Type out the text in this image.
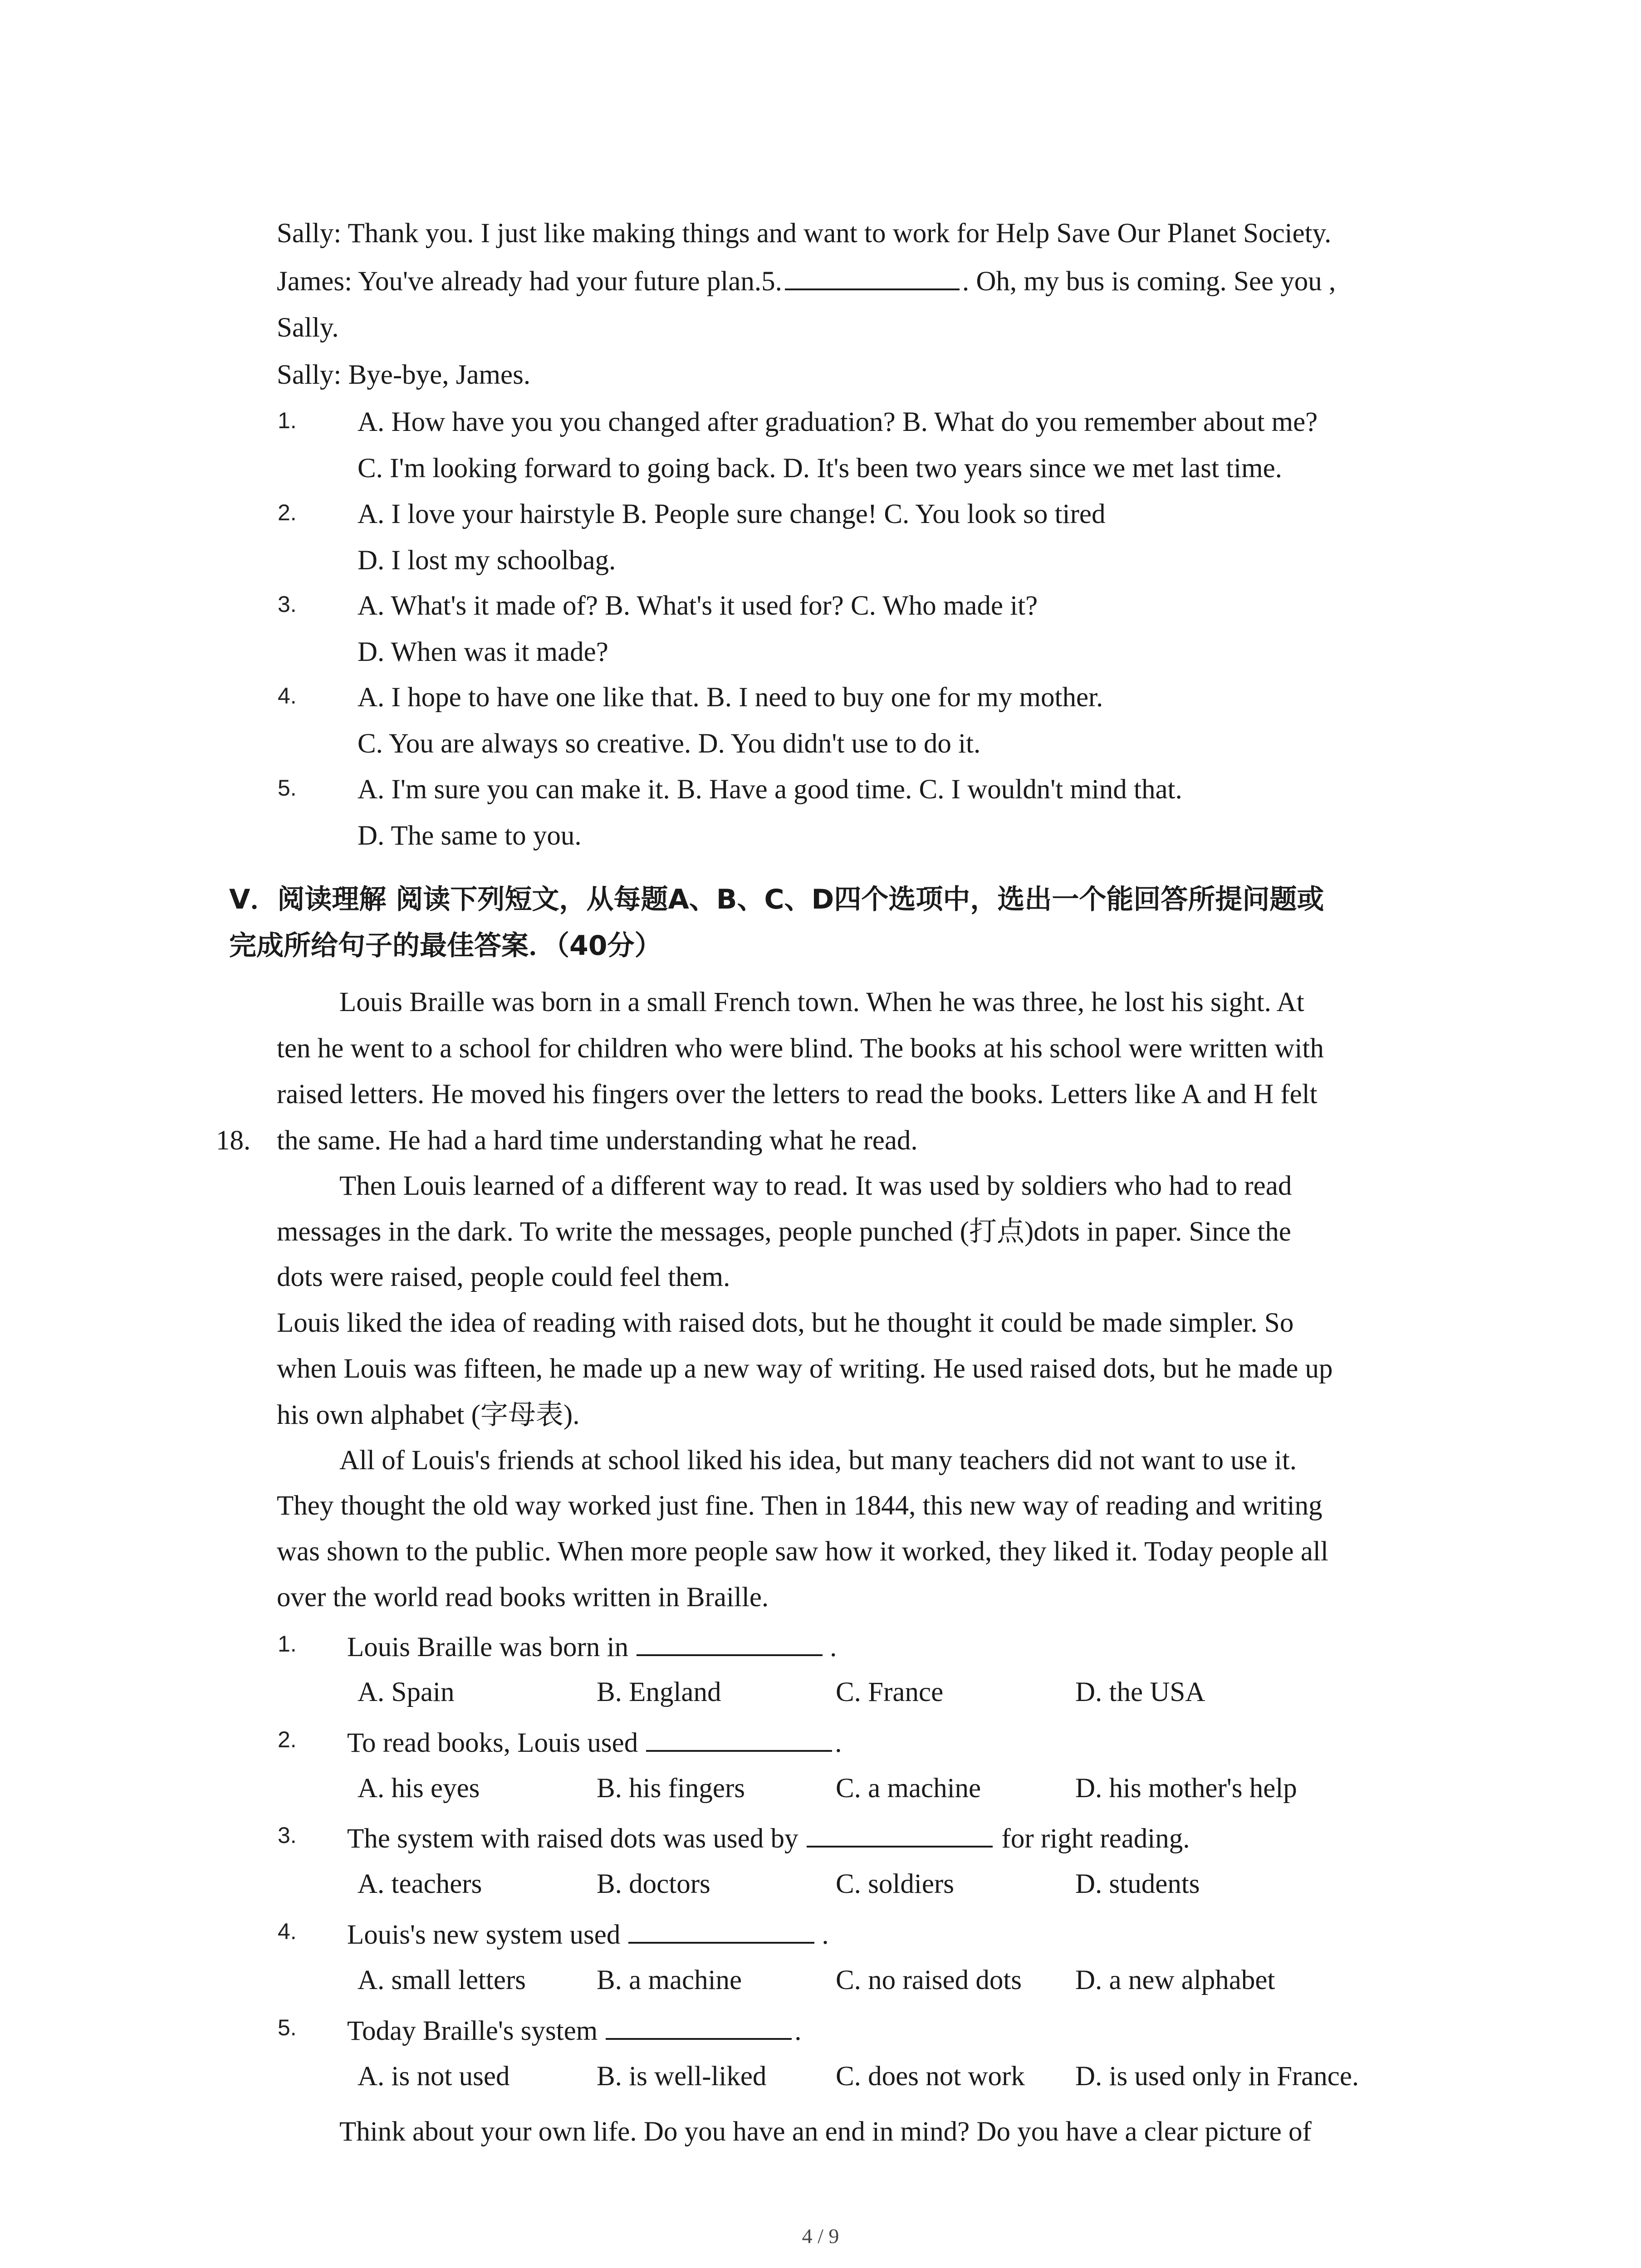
Sally: Thank you. I just like making things and want to work for Help Save Our Planet Society.
James: You've already had your future plan.5.	. Oh, my bus is coming. See you ,
Sally.
Sally: Bye-bye, James.
1. A. How have you you changed after graduation? B. What do you remember about me?
C. I'm looking forward to going back. D. It's been two years since we met last time.
2. A. I love your hairstyle B. People sure change! C. You look so tired
D. I lost my schoolbag.
3. A. What's it made of? B. What's it used for? C. Who made it?
D. When was it made?
4. A. I hope to have one like that. B. I need to buy one for my mother.
C. You are always so creative. D. You didn't use to do it.
5. A. I'm sure you can make it. B. Have a good time. C. I wouldn't mind that.
D. The same to you.
Ⅴ．阅读理解 阅读下列短文，从每题A、B、C、D四个选项中，选出一个能回答所提问题或
完成所给句子的最佳答案．（40分）
18.
Louis Braille was born in a small French town. When he was three, he lost his sight. At
ten he went to a school for children who were blind. The books at his school were written with
raised letters. He moved his fingers over the letters to read the books. Letters like A and H felt
the same. He had a hard time understanding what he read.
Then Louis learned of a different way to read. It was used by soldiers who had to read
messages in the dark. To write the messages, people punched (打点)dots in paper. Since the
dots were raised, people could feel them.
Louis liked the idea of reading with raised dots, but he thought it could be made simpler. So
when Louis was fifteen, he made up a new way of writing. He used raised dots, but he made up
his own alphabet (字母表).
All of Louis's friends at school liked his idea, but many teachers did not want to use it.
They thought the old way worked just fine. Then in 1844, this new way of reading and writing
was shown to the public. When more people saw how it worked, they liked it. Today people all
over the world read books written in Braille.
1. Louis Braille was born in	.
A. Spain	B. England	C. France	D. the USA
2. To read books, Louis used	.
A. his eyes	B. his fingers	C. a machine	D. his mother's help
3. The system with raised dots was used by	for right reading.
A. teachers	B. doctors	C. soldiers	D. students
4. Louis's new system used	.
A. small letters	B. a machine	C. no raised dots D. a new alphabet
5. Today Braille's system	.
A. is not used	B. is well-liked	C. does not work D. is used only in France.
Think about your own life. Do you have an end in mind? Do you have a clear picture of
4 / 9
